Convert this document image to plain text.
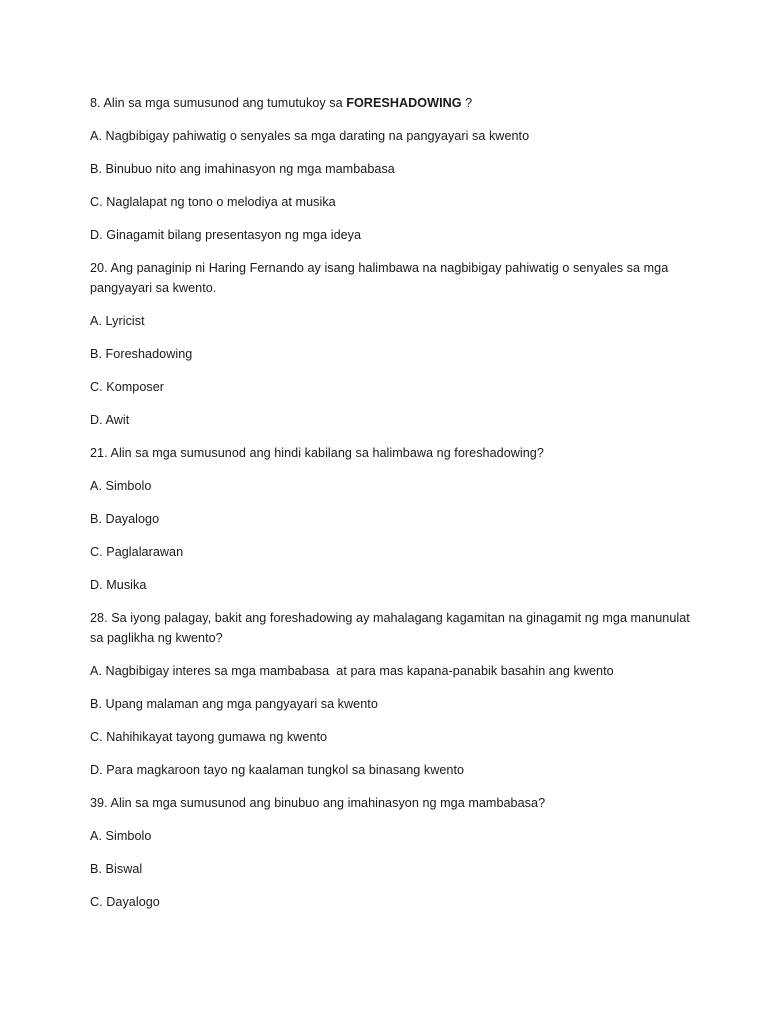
8. Alin sa mga sumusunod ang tumutukoy sa FORESHADOWING ?

A. Nagbibigay pahiwatig o senyales sa mga darating na pangyayari sa kwento

B. Binubuo nito ang imahinasyon ng mga mambabasa

C. Naglalapat ng tono o melodiya at musika

D. Ginagamit bilang presentasyon ng mga ideya

20. Ang panaginip ni Haring Fernando ay isang halimbawa na nagbibigay pahiwatig o senyales sa mga pangyayari sa kwento.

A. Lyricist

B. Foreshadowing

C. Komposer

D. Awit

21. Alin sa mga sumusunod ang hindi kabilang sa halimbawa ng foreshadowing?

A. Simbolo

B. Dayalogo

C. Paglalarawan

D. Musika

28. Sa iyong palagay, bakit ang foreshadowing ay mahalagang kagamitan na ginagamit ng mga manunulat sa paglikha ng kwento?

A. Nagbibigay interes sa mga mambabasa  at para mas kapana-panabik basahin ang kwento

B. Upang malaman ang mga pangyayari sa kwento

C. Nahihikayat tayong gumawa ng kwento

D. Para magkaroon tayo ng kaalaman tungkol sa binasang kwento

39. Alin sa mga sumusunod ang binubuo ang imahinasyon ng mga mambabasa?

A. Simbolo

B. Biswal

C. Dayalogo
